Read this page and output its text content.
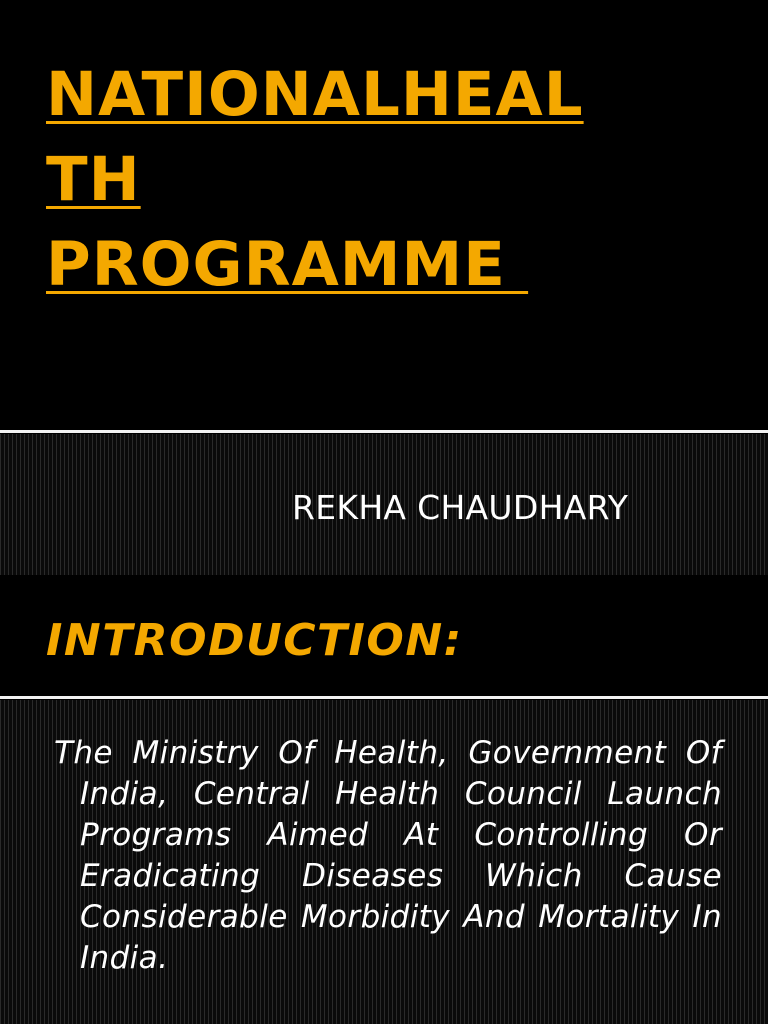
NATIONALHEAL
TH
PROGRAMME
REKHA CHAUDHARY
INTRODUCTION:

The Ministry Of Health, Government Of India, Central Health Council Launch Programs Aimed At Controlling Or Eradicating Diseases Which Cause Considerable Morbidity And Mortality In India.
